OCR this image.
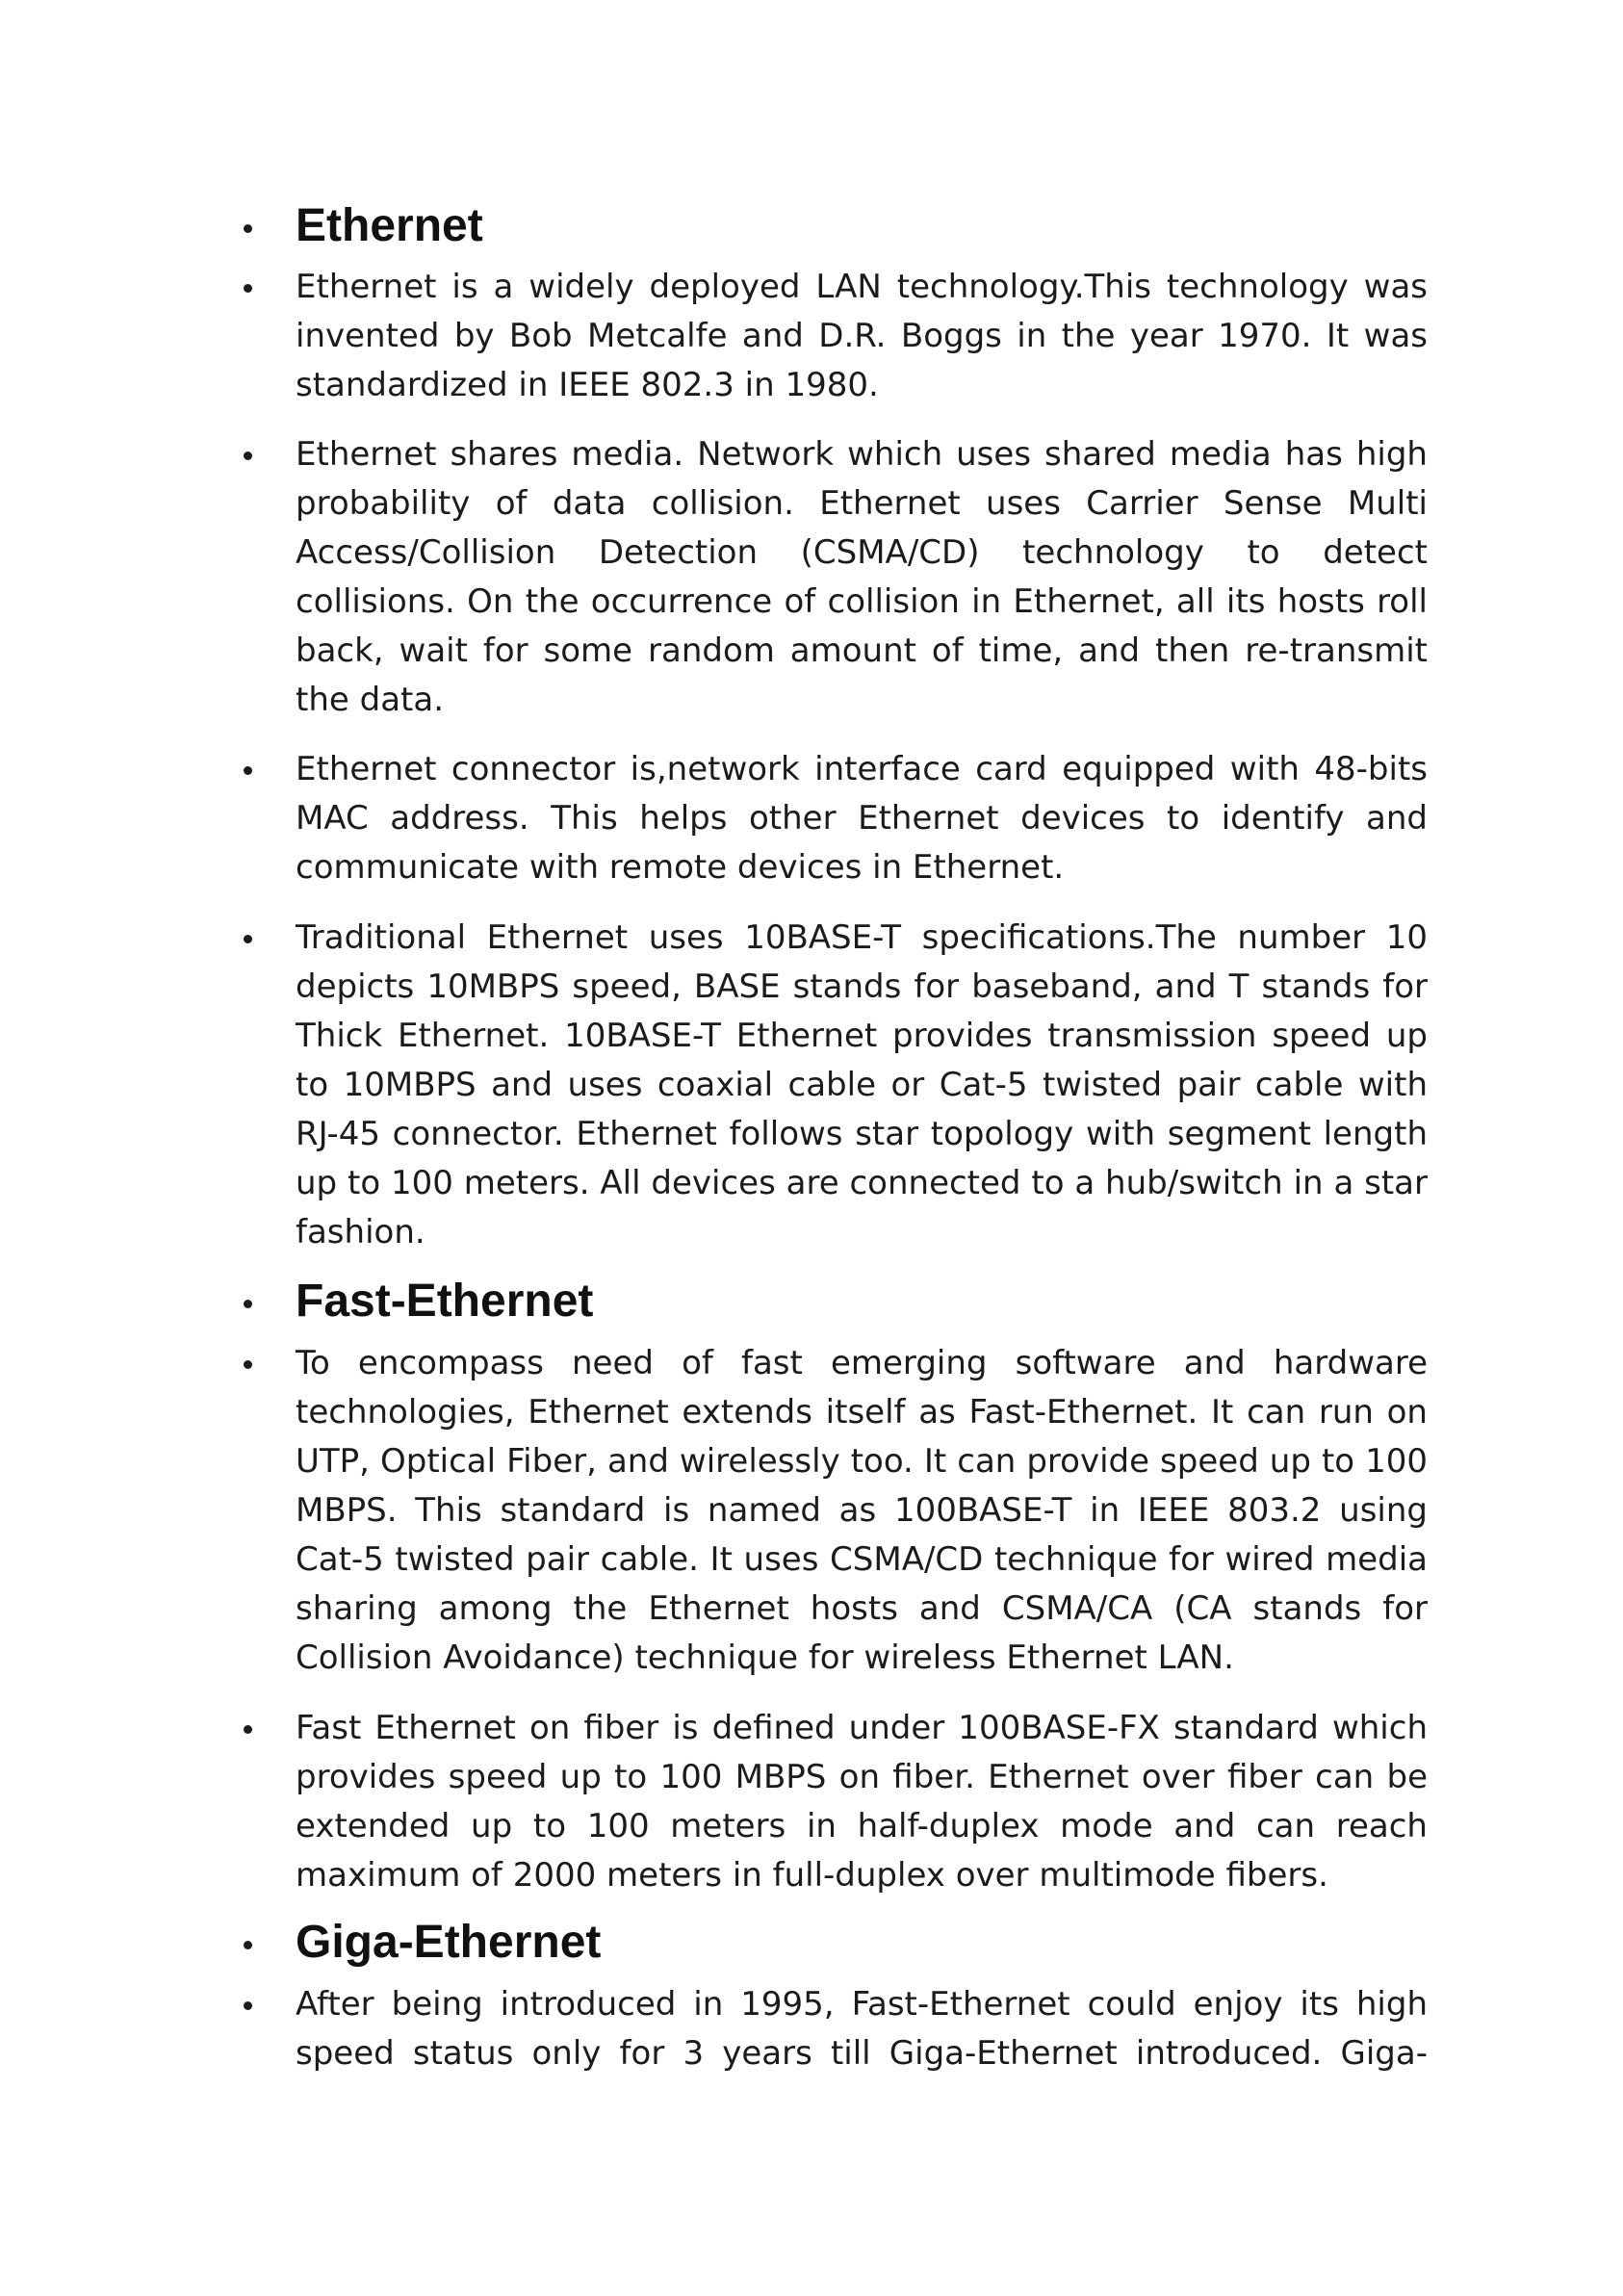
Ethernet
Ethernet is a widely deployed LAN technology.This technology was invented by Bob Metcalfe and D.R. Boggs in the year 1970. It was standardized in IEEE 802.3 in 1980.
Ethernet shares media. Network which uses shared media has high probability of data collision. Ethernet uses Carrier Sense Multi Access/Collision Detection (CSMA/CD) technology to detect collisions. On the occurrence of collision in Ethernet, all its hosts roll back, wait for some random amount of time, and then re-transmit the data.
Ethernet connector is,network interface card equipped with 48-bits MAC address. This helps other Ethernet devices to identify and communicate with remote devices in Ethernet.
Traditional Ethernet uses 10BASE-T specifications.The number 10 depicts 10MBPS speed, BASE stands for baseband, and T stands for Thick Ethernet. 10BASE-T Ethernet provides transmission speed up to 10MBPS and uses coaxial cable or Cat-5 twisted pair cable with RJ-45 connector. Ethernet follows star topology with segment length up to 100 meters. All devices are connected to a hub/switch in a star fashion.
Fast-Ethernet
To encompass need of fast emerging software and hardware technologies, Ethernet extends itself as Fast-Ethernet. It can run on UTP, Optical Fiber, and wirelessly too. It can provide speed up to 100 MBPS. This standard is named as 100BASE-T in IEEE 803.2 using Cat-5 twisted pair cable. It uses CSMA/CD technique for wired media sharing among the Ethernet hosts and CSMA/CA (CA stands for Collision Avoidance) technique for wireless Ethernet LAN.
Fast Ethernet on fiber is defined under 100BASE-FX standard which provides speed up to 100 MBPS on fiber. Ethernet over fiber can be extended up to 100 meters in half-duplex mode and can reach maximum of 2000 meters in full-duplex over multimode fibers.
Giga-Ethernet
After being introduced in 1995, Fast-Ethernet could enjoy its high speed status only for 3 years till Giga-Ethernet introduced. Giga-
